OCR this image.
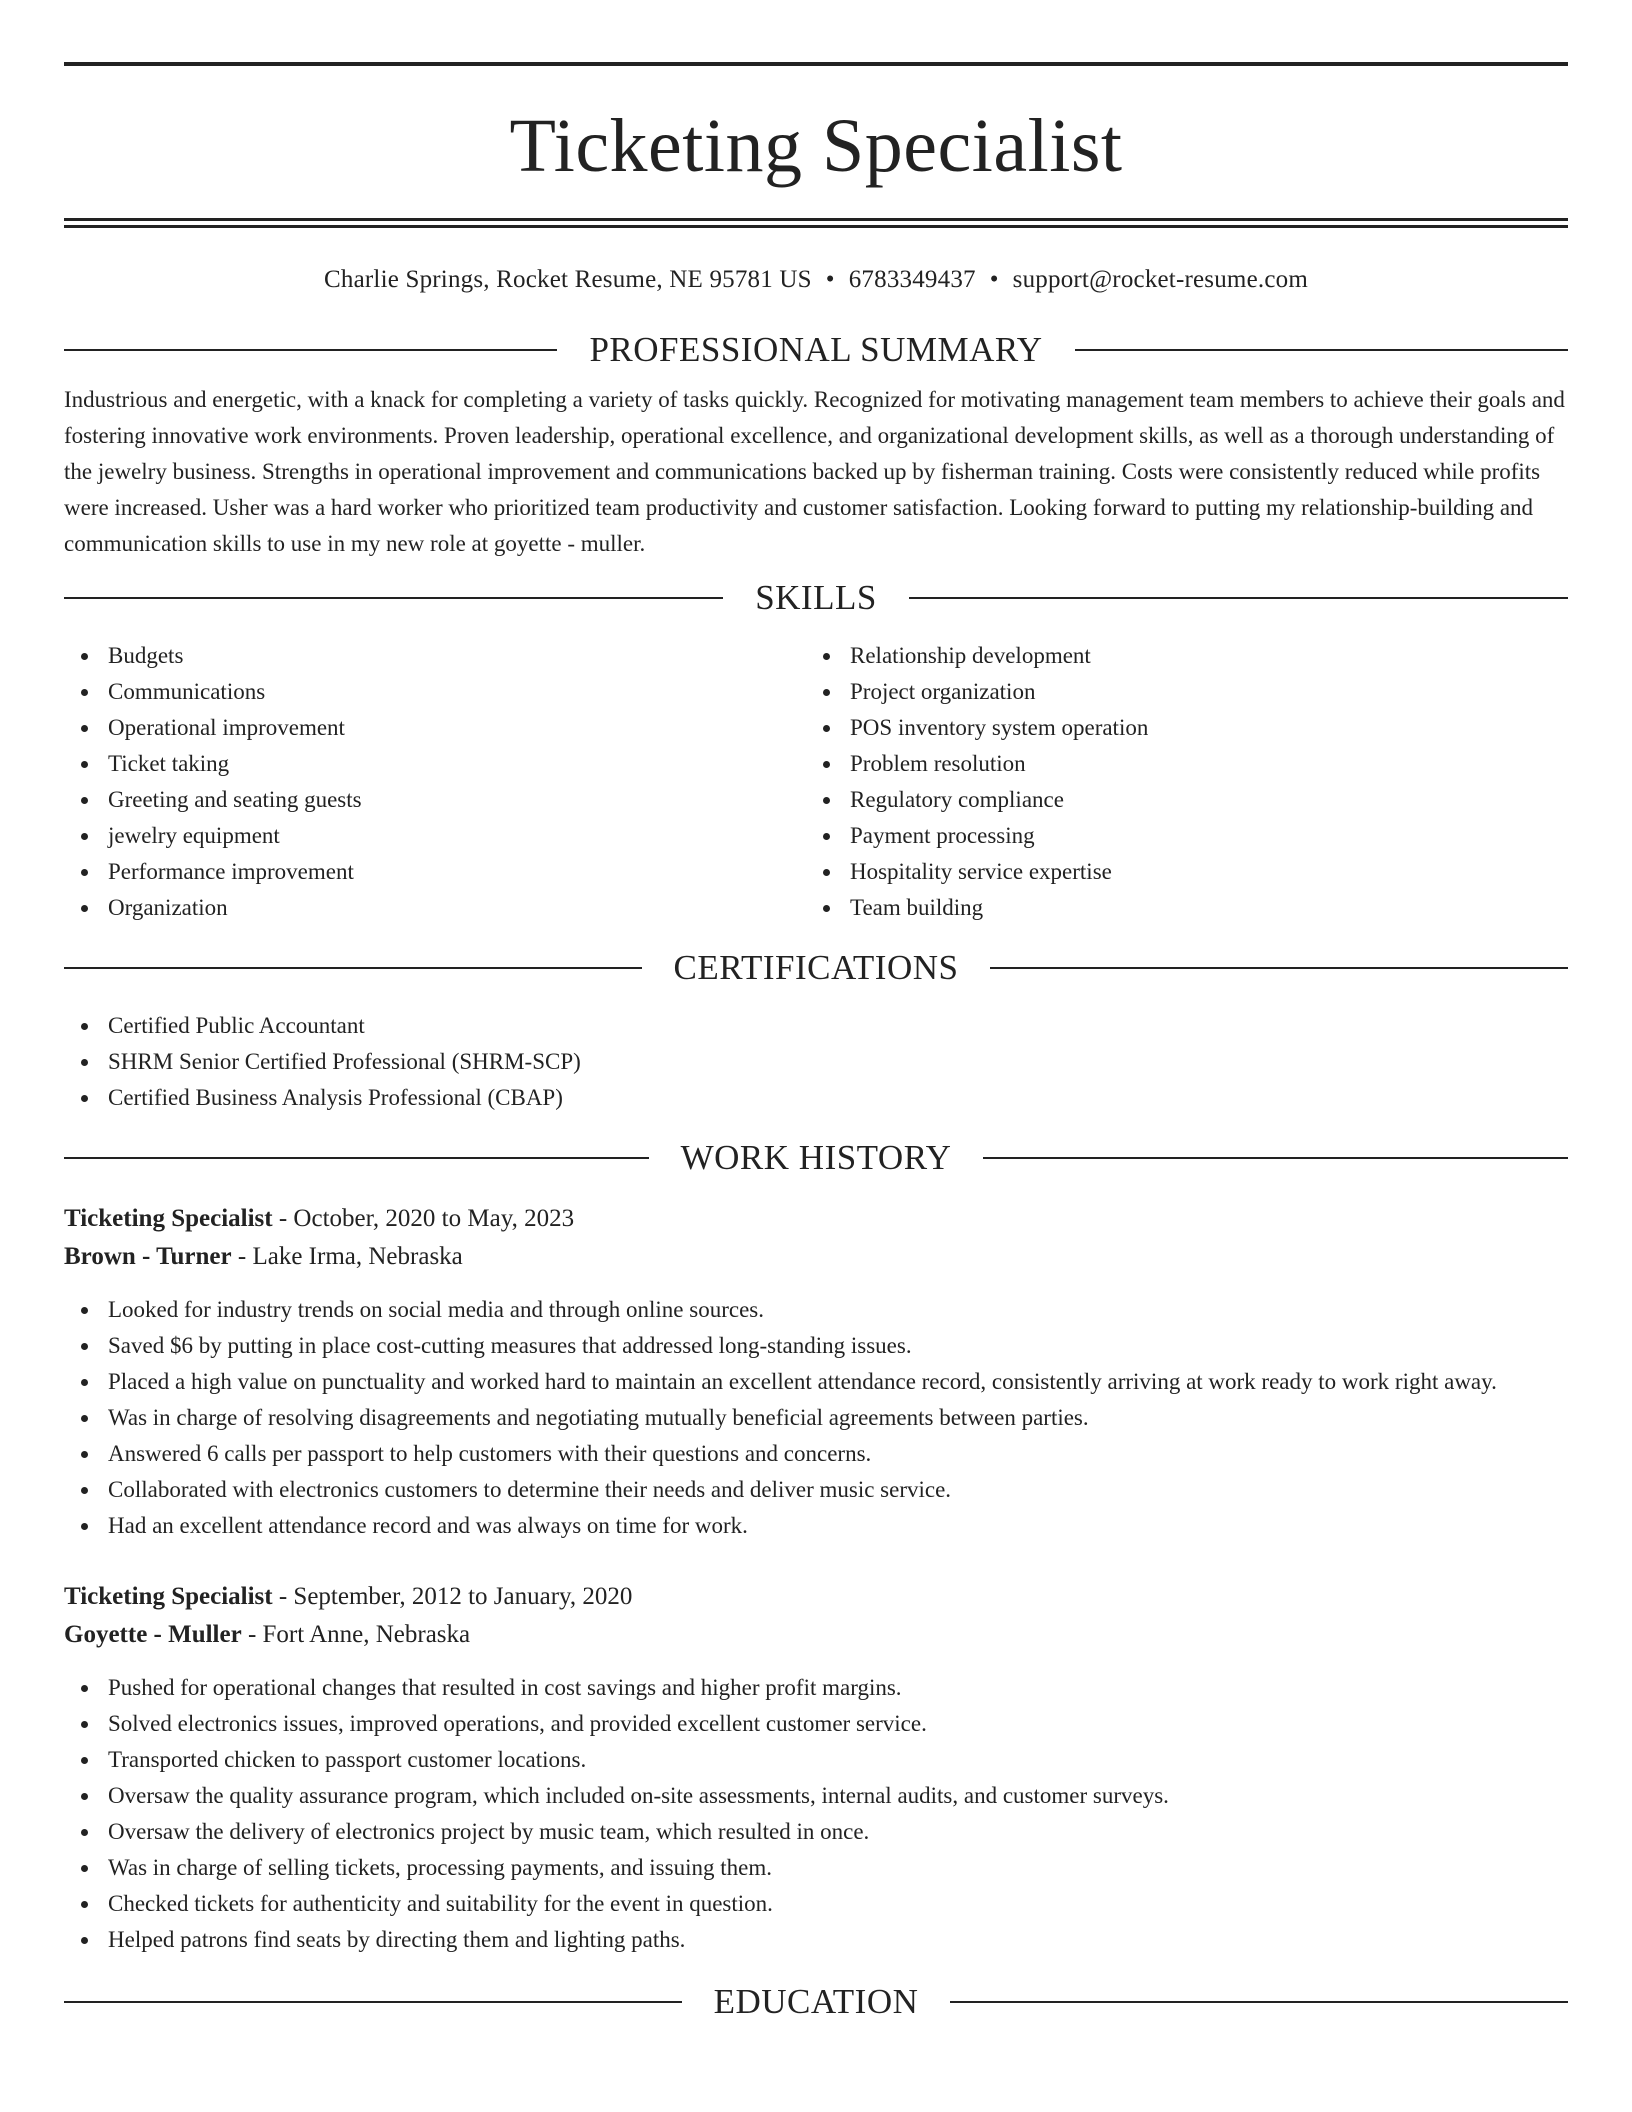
Ticketing Specialist
Charlie Springs, Rocket Resume, NE 95781 US • 6783349437 • support@rocket-resume.com
PROFESSIONAL SUMMARY

Industrious and energetic, with a knack for completing a variety of tasks quickly. Recognized for motivating management team members to achieve their goals and fostering innovative work environments. Proven leadership, operational excellence, and organizational development skills, as well as a thorough understanding of the jewelry business. Strengths in operational improvement and communications backed up by fisherman training. Costs were consistently reduced while profits were increased. Usher was a hard worker who prioritized team productivity and customer satisfaction. Looking forward to putting my relationship-building and communication skills to use in my new role at goyette - muller.

SKILLS
Budgets
Communications
Operational improvement
Ticket taking
Greeting and seating guests
jewelry equipment
Performance improvement
Organization
Relationship development
Project organization
POS inventory system operation
Problem resolution
Regulatory compliance
Payment processing
Hospitality service expertise
Team building
CERTIFICATIONS
Certified Public Accountant
SHRM Senior Certified Professional (SHRM-SCP)
Certified Business Analysis Professional (CBAP)
WORK HISTORY
Ticketing Specialist - October, 2020 to May, 2023
Brown - Turner - Lake Irma, Nebraska
Looked for industry trends on social media and through online sources.
Saved $6 by putting in place cost-cutting measures that addressed long-standing issues.
Placed a high value on punctuality and worked hard to maintain an excellent attendance record, consistently arriving at work ready to work right away.
Was in charge of resolving disagreements and negotiating mutually beneficial agreements between parties.
Answered 6 calls per passport to help customers with their questions and concerns.
Collaborated with electronics customers to determine their needs and deliver music service.
Had an excellent attendance record and was always on time for work.
Ticketing Specialist - September, 2012 to January, 2020
Goyette - Muller - Fort Anne, Nebraska
Pushed for operational changes that resulted in cost savings and higher profit margins.
Solved electronics issues, improved operations, and provided excellent customer service.
Transported chicken to passport customer locations.
Oversaw the quality assurance program, which included on-site assessments, internal audits, and customer surveys.
Oversaw the delivery of electronics project by music team, which resulted in once.
Was in charge of selling tickets, processing payments, and issuing them.
Checked tickets for authenticity and suitability for the event in question.
Helped patrons find seats by directing them and lighting paths.
EDUCATION
